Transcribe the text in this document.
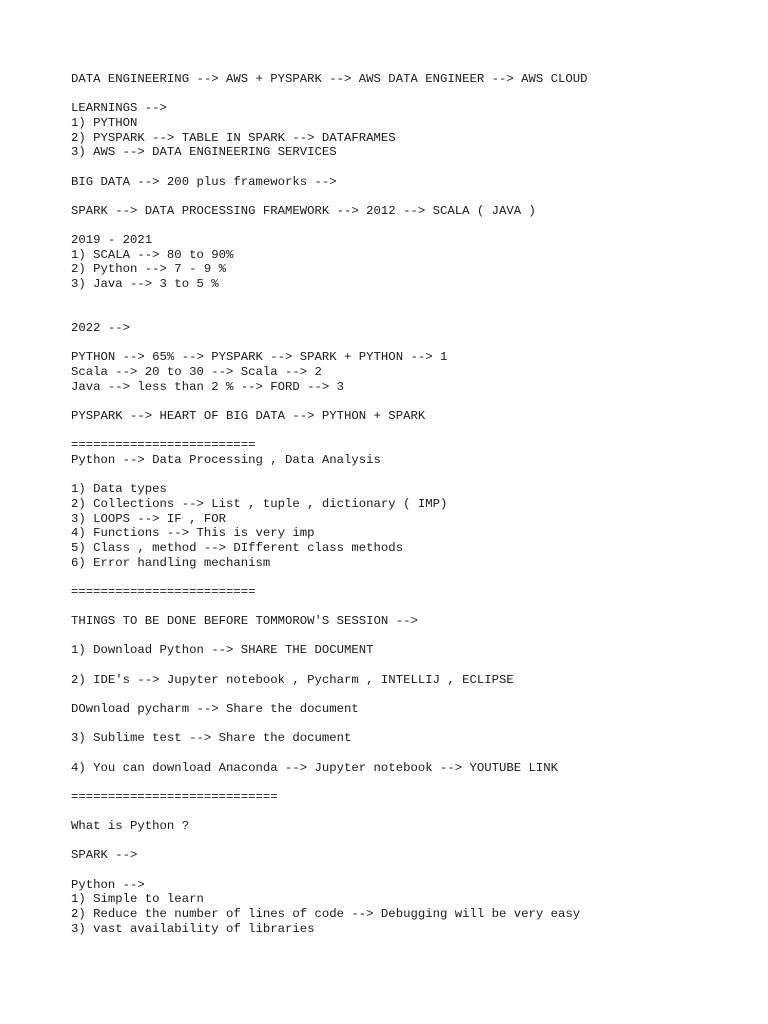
DATA ENGINEERING --> AWS + PYSPARK --> AWS DATA ENGINEER --> AWS CLOUD
LEARNINGS -->
1) PYTHON
2) PYSPARK --> TABLE IN SPARK --> DATAFRAMES
3) AWS --> DATA ENGINEERING SERVICES
BIG DATA --> 200 plus frameworks -->
SPARK --> DATA PROCESSING FRAMEWORK --> 2012 --> SCALA ( JAVA )
2019 - 2021
1) SCALA --> 80 to 90%
2) Python --> 7 - 9 %
3) Java --> 3 to 5 %
2022 -->
PYTHON --> 65% --> PYSPARK --> SPARK + PYTHON --> 1
Scala --> 20 to 30 --> Scala --> 2
Java --> less than 2 % --> FORD --> 3
PYSPARK --> HEART OF BIG DATA --> PYTHON + SPARK
=========================
Python --> Data Processing , Data Analysis
1) Data types
2) Collections --> List , tuple , dictionary ( IMP)
3) LOOPS --> IF , FOR
4) Functions --> This is very imp
5) Class , method --> DIfferent class methods
6) Error handling mechanism
=========================
THINGS TO BE DONE BEFORE TOMMOROW'S SESSION -->
1) Download Python --> SHARE THE DOCUMENT
2) IDE's --> Jupyter notebook , Pycharm , INTELLIJ , ECLIPSE
DOwnload pycharm --> Share the document
3) Sublime test --> Share the document
4) You can download Anaconda --> Jupyter notebook --> YOUTUBE LINK
============================
What is Python ?
SPARK -->
Python -->
1) Simple to learn
2) Reduce the number of lines of code --> Debugging will be very easy
3) vast availability of libraries
